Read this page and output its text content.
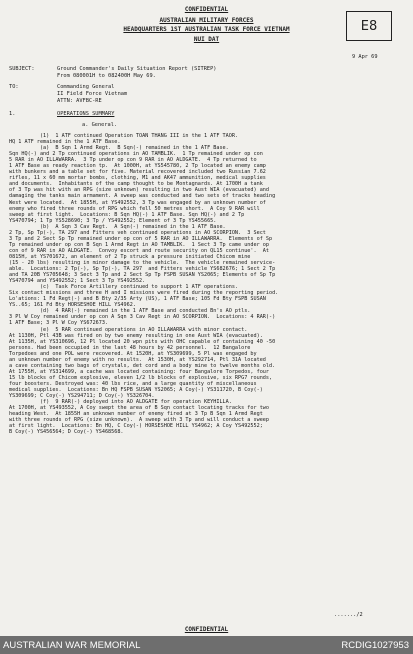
CONFIDENTIAL
AUSTRALIAN MILITARY FORCES
HEADQUARTERS 1ST AUSTRALIAN TASK FORCE VIETNAM
NUI DAT
E8
9 Apr 69
SUBJECT:	Ground Commander's Daily Situation Report (SITREP)
From 080001H to 082400H May 69.
TO:	Commanding General
II Field Force Vietnam
ATTN: AVFBC-RE
1.	OPERATIONS SUMMARY
a. General.
(1)  1 ATF continued Operation TOAN THANG III in the 1 ATF TAOR.
HQ 1 ATF remained in the 1 ATF Base.
(a)  B Sqn 1 Armd Regt.  B Sqn(-) remained in the 1 ATF Base.
Sqn HQ(-) and 2 Tp continued operations in AO TAMBLIK.  1 Tp remained under op con
5 RAR in AO ILLAWARRA.  3 Tp under op con 9 RAR in AO ALDGATE.  4 Tp returned to
1 ATF Base as ready reaction tp.  At 1000H, at YS545780, 2 Tp located an enemy camp
with bunkers and a table set for five. Material recovered included two Russian 7.62
rifles, 11 x 60 mm mortar bombs, clothing, M1 and AK47 ammunition, medical supplies
and documents.  Inhabitants of the camp thought to be Montagnards. At 1700H a tank
of 3 Tp was hit with an RPG (size unknown) resulting in two Aust WIA (evacuated) and
damaging the tanks main armament. A sweep was conducted and two sets of tracks heading
West were located.  At 1855H, at YS492552, 3 Tp was engaged by an unknown number of
enemy who fired three rounds of RPG which fell 50 metres short.  A Coy 9 RAR will
sweep at first light.  Locations: B Sqn HQ(-) 1 ATF Base. Sqn HQ(-) and 2 Tp
YS470794; 1 Tp YS528690; 3 Tp / YS492552; Element of 3 Tp YS455665.
(b)  A Sqn 3 Cav Regt.  A Sqn(-) remained in the 1 ATF Base.
2 Tp, Sp Tp(-), TA 297 and Fitters veh continued operations in AO SCORPION.  3 Sect
3 Tp and 2 Sect Sp Tp remained under op con of 5 RAR in AO ILLAWARRA.  Elements of Sp
Tp remained under op con B Sqn 1 Armd Regt in AO TAMBLIK.  1 Sect 3 Tp came under op
con of 9 RAR in AO ALDGATE.  Convoy escort and route security on QL15 continue'.  At
0815H, at YS701672, an element of 2 Tp struck a pressure initiated Chicom mine
(15 - 20 lbs) resulting in minor damage to the vehicle.  The vehicle remained service-
able.  Locations: 2 Tp(-), Sp Tp(-), TA 297  and Fitters vehicle YS682676; 1 Sect 2 Tp
and TA 20B YS705648; 3 Sect 3 Tp and 2 Sect Sp Tp FSPB SUSAN YS2065; Elements of Sp Tp
YS470794 and YS492552; 1 Sect 3 Tp YS492552.
(c)  Task Force Artillery continued to support 1 ATF operations.
Six contact missions and three H and I missions were fired during the reporting period.
Lo'ations: 1 Fd Regt(-) and B Bty 2/35 Arty (US), 1 ATF Base; 105 Fd Bty FSPB SUSAN
YS..65; 161 Fd Bty HORSESHOE HILL YS4962.
(d)  4 RAR(-) remained in the 1 ATF Base and conducted Bn's AO ptls.
3 Pl W Coy remained under op con A Sqn 3 Cav Regt in AO SCORPION.  Locations: 4 RAR(-)
1 ATF Base; 3 Pl W Coy YS672673.
(e)  5 RAR continued operations in AO ILLAWARRA with minor contact.
At 1130H, Ptl 43B was fired on by two enemy resulting in one Aust WIA (evacuated).
At 1135H, at YS310696, 12 Pl located 20 wpn pits with OHC capable of containing 40 -50
persons. Had been occupied in the last 48 hours by 42 personnel.  12 Bangalore
Torpedoes and one POL were recovered. At 1520H, at YS309699, 5 Pl was engaged by
an unknown number of enemy with no results.  At 1530H, at YS292714, Ptl 31A located
a cave containing two bags of crystals, det cord and a body mine to twelve months old.
At 1755H, at YS314699, a cache was located containing: four Bangalore Torpedos, four
15 lb blocks of Chicom explosive, eleven 1/2 lb blocks of explosive, six RPG7 rounds,
four boosters. Destroyed was: 40 lbs rice, and a large quantity of miscellaneous
medical supplies.  Locations: Bn HQ FSPB SUSAN YS2065; A Coy(-) YS311720, B Coy(-)
YS309699; C Coy(-) YS294711; D Coy(-) YS326704.
(f)  9 RAR(-) deployed into AO ALDGATE for operation KEYHILLA.
At 1700H, at YS493552, A Coy swept the area of B Sqn contact locating tracks for two
heading West.  At 1855H an unknown number of enemy fired at 3 Tp B Sqn 1 Armd Regt
with three rounds of RPG (size unknown).  A sweep with 3 Tp and will conduct a sweep
at first light.  Locations: Bn HQ, C Coy(-) HORSESHOE HILL YS4962; A Coy YS492552;
B Coy(-) YS456564; D Coy(-) YS468568.
......./2
CONFIDENTIAL
AUSTRALIAN WAR MEMORIAL	RCDIG1027953
